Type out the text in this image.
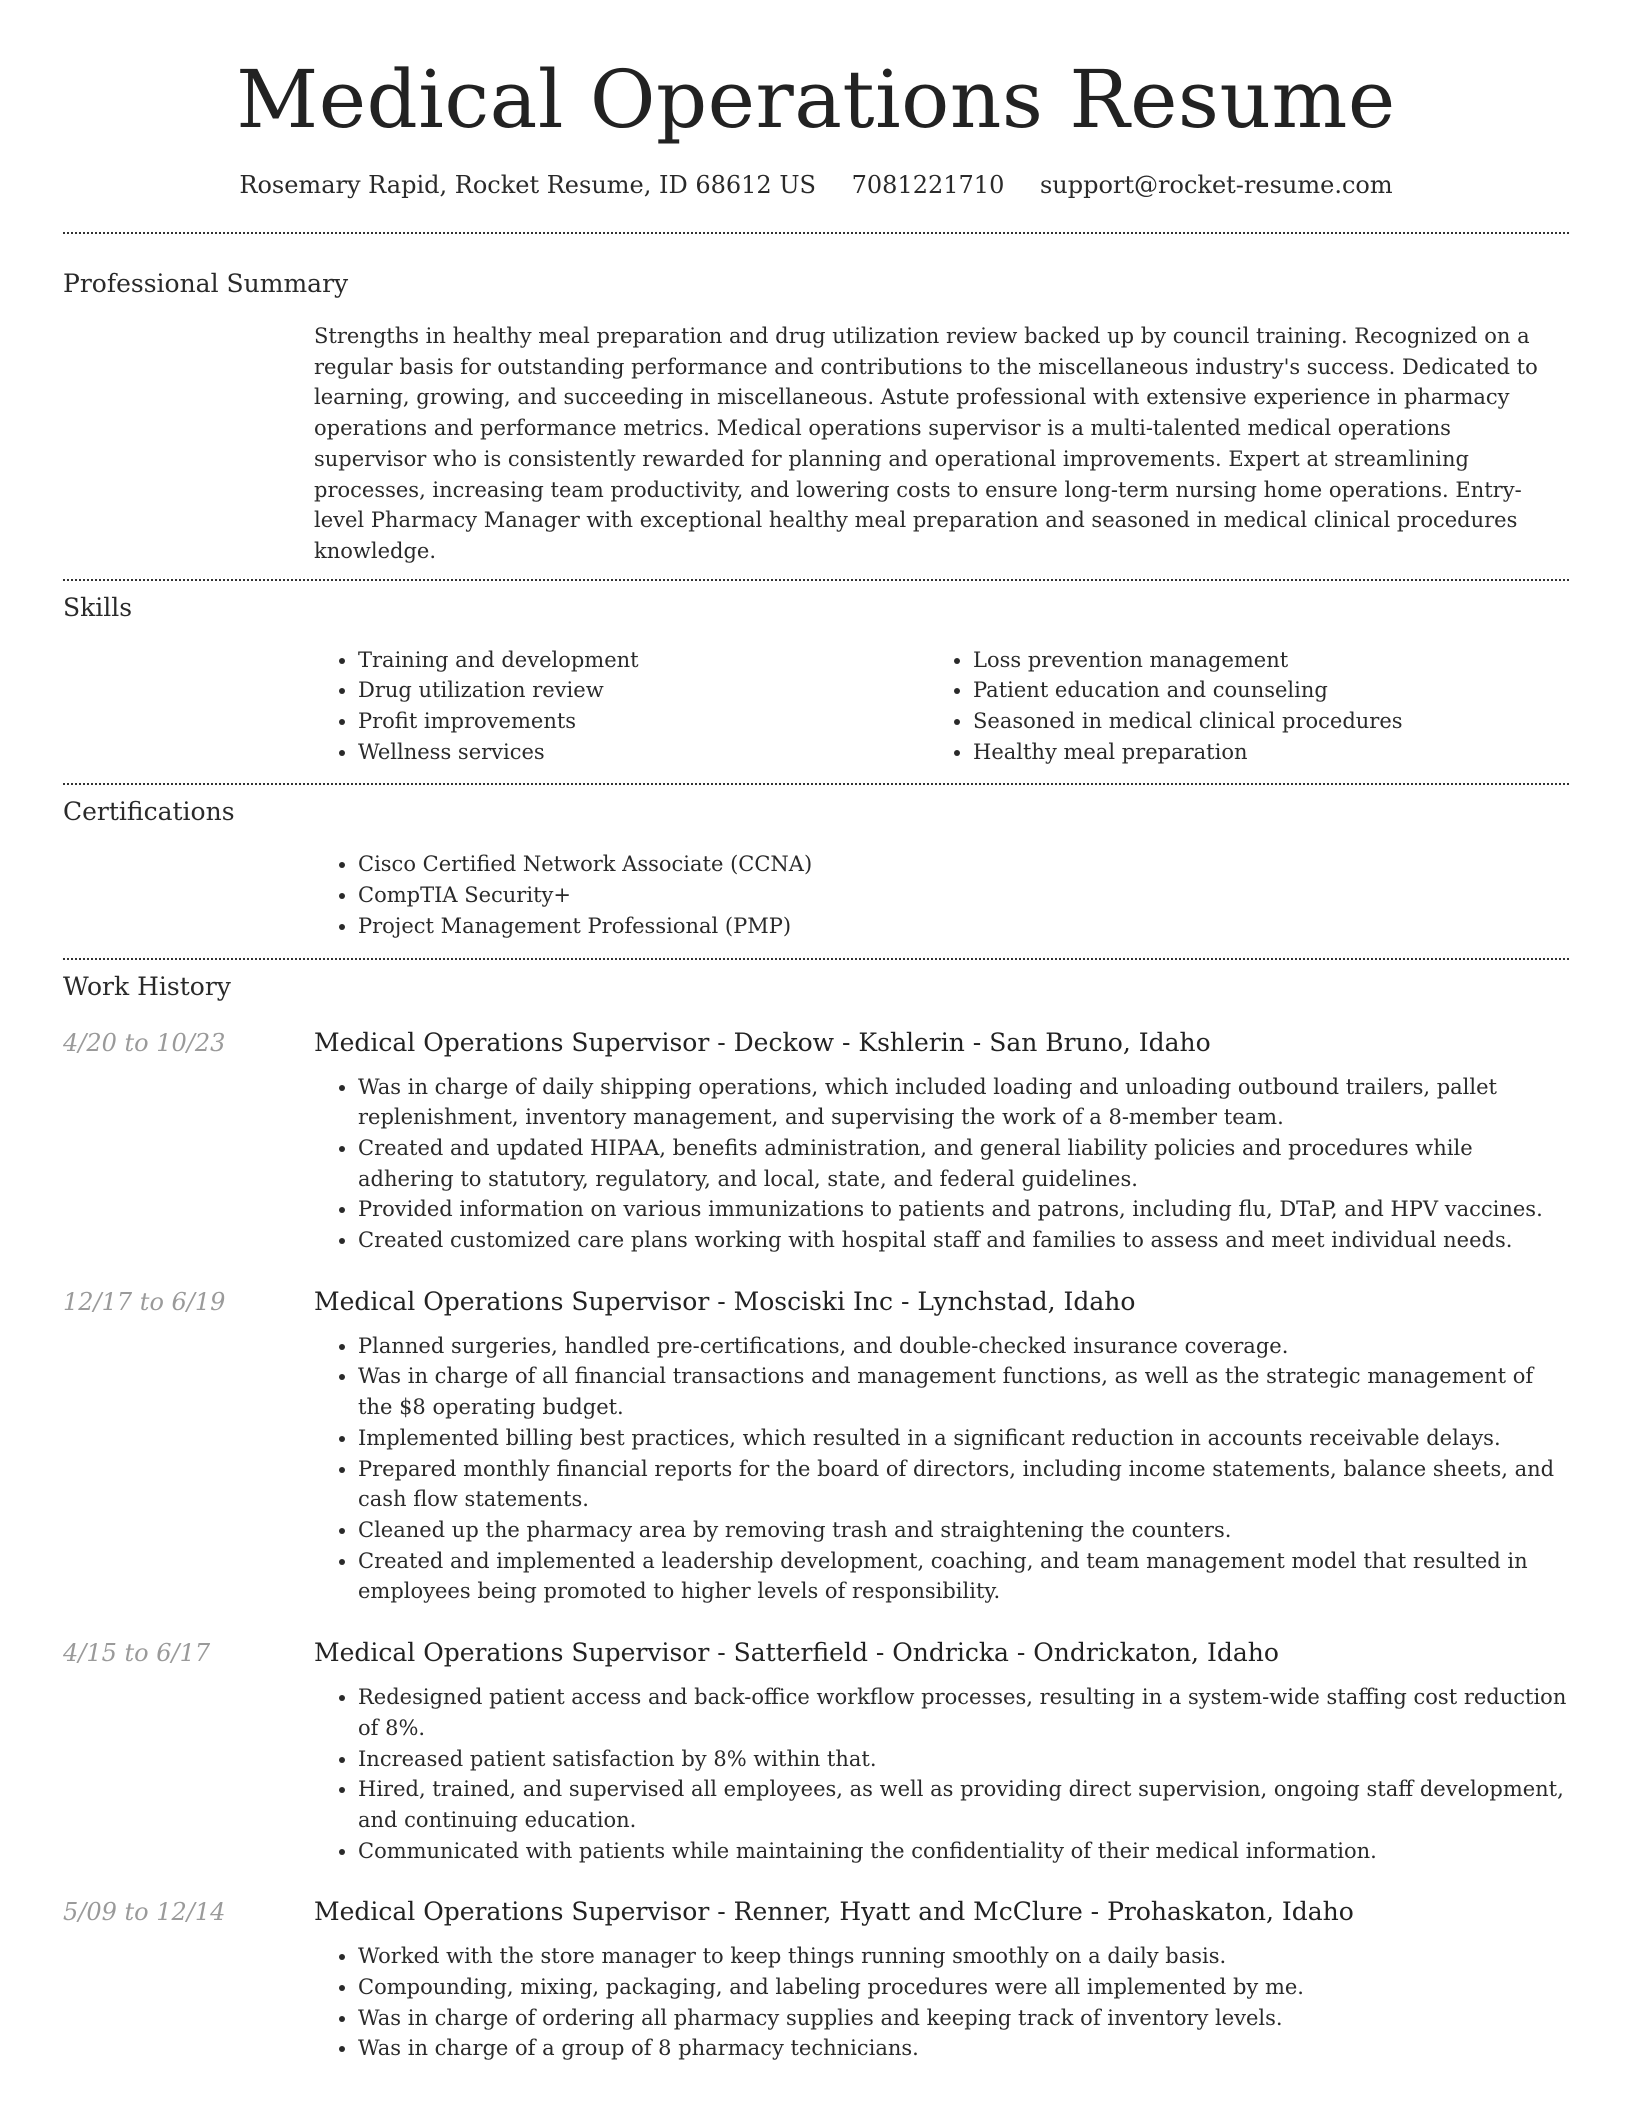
Medical Operations Resume
Rosemary Rapid, Rocket Resume, ID 68612 US 7081221710 support@rocket-resume.com
Professional Summary

Strengths in healthy meal preparation and drug utilization review backed up by council training. Recognized on a regular basis for outstanding performance and contributions to the miscellaneous industry's success. Dedicated to learning, growing, and succeeding in miscellaneous. Astute professional with extensive experience in pharmacy operations and performance metrics. Medical operations supervisor is a multi-talented medical operations supervisor who is consistently rewarded for planning and operational improvements. Expert at streamlining processes, increasing team productivity, and lowering costs to ensure long-term nursing home operations. Entry-level Pharmacy Manager with exceptional healthy meal preparation and seasoned in medical clinical procedures knowledge.

Skills
• Training and development
• Drug utilization review
• Profit improvements
• Wellness services
• Loss prevention management
• Patient education and counseling
• Seasoned in medical clinical procedures
• Healthy meal preparation
Certifications
• Cisco Certified Network Associate (CCNA)
• CompTIA Security+
• Project Management Professional (PMP)
Work History
4/20 to 10/23	Medical Operations Supervisor - Deckow - Kshlerin - San Bruno, Idaho
• Was in charge of daily shipping operations, which included loading and unloading outbound trailers, pallet replenishment, inventory management, and supervising the work of a 8-member team.
• Created and updated HIPAA, benefits administration, and general liability policies and procedures while adhering to statutory, regulatory, and local, state, and federal guidelines.
• Provided information on various immunizations to patients and patrons, including flu, DTaP, and HPV vaccines.
• Created customized care plans working with hospital staff and families to assess and meet individual needs.
12/17 to 6/19	Medical Operations Supervisor - Mosciski Inc - Lynchstad, Idaho
• Planned surgeries, handled pre-certifications, and double-checked insurance coverage.
• Was in charge of all financial transactions and management functions, as well as the strategic management of the $8 operating budget.
• Implemented billing best practices, which resulted in a significant reduction in accounts receivable delays.
• Prepared monthly financial reports for the board of directors, including income statements, balance sheets, and cash flow statements.
• Cleaned up the pharmacy area by removing trash and straightening the counters.
• Created and implemented a leadership development, coaching, and team management model that resulted in employees being promoted to higher levels of responsibility.
4/15 to 6/17	Medical Operations Supervisor - Satterfield - Ondricka - Ondrickaton, Idaho
• Redesigned patient access and back-office workflow processes, resulting in a system-wide staffing cost reduction of 8%.
• Increased patient satisfaction by 8% within that.
• Hired, trained, and supervised all employees, as well as providing direct supervision, ongoing staff development, and continuing education.
• Communicated with patients while maintaining the confidentiality of their medical information.
5/09 to 12/14	Medical Operations Supervisor - Renner, Hyatt and McClure - Prohaskaton, Idaho
• Worked with the store manager to keep things running smoothly on a daily basis.
• Compounding, mixing, packaging, and labeling procedures were all implemented by me.
• Was in charge of ordering all pharmacy supplies and keeping track of inventory levels.
• Was in charge of a group of 8 pharmacy technicians.
